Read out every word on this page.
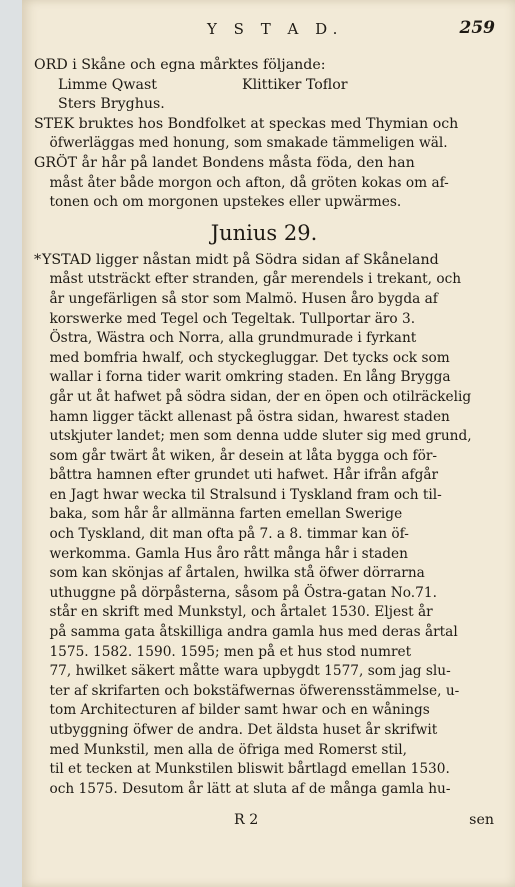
Y S T A D.	259
ORD i Skåne och egna mårktes följande:
Limme Qwast	Klittiker Toflor
Sters Bryghus.
STEK bruktes hos Bondfolket at speckas med Thymian och
öfwerläggas med honung, som smakade tämmeligen wäl.
GRÖT år hår på landet Bondens måsta föda, den han
måst åter både morgon och afton, då gröten kokas om af-
tonen och om morgonen upstekes eller upwärmes.
Junius 29.
*YSTAD ligger nåstan midt på Södra sidan af Skåneland
måst utsträckt efter stranden, går merendels i trekant, och
år ungefärligen så stor som Malmö. Husen åro bygda af
korswerke med Tegel och Tegeltak. Tullportar äro 3.
Östra, Wästra och Norra, alla grundmurade i fyrkant
med bomfria hwalf, och styckegluggar. Det tycks ock som
wallar i forna tider warit omkring staden. En lång Brygga
går ut åt hafwet på södra sidan, der en öpen och otilräckelig
hamn ligger täckt allenast på östra sidan, hwarest staden
utskjuter landet; men som denna udde sluter sig med grund,
som går twärt åt wiken, år desein at låta bygga och för-
båttra hamnen efter grundet uti hafwet. Hår ifrån afgår
en Jagt hwar wecka til Stralsund i Tyskland fram och til-
baka, som hår år allmänna farten emellan Swerige
och Tyskland, dit man ofta på 7. a 8. timmar kan öf-
werkomma. Gamla Hus åro rått många hår i staden
som kan skönjas af årtalen, hwilka stå öfwer dörrarna
uthuggne på dörpåsterna, såsom på Östra-gatan No.71.
står en skrift med Munkstyl, och årtalet 1530. Eljest år
på samma gata åtskilliga andra gamla hus med deras årtal
1575. 1582. 1590. 1595; men på et hus stod numret
77, hwilket säkert måtte wara upbygdt 1577, som jag slu-
ter af skrifarten och bokstäfwernas öfwerensstämmelse, u-
tom Architecturen af bilder samt hwar och en wånings
utbyggning öfwer de andra. Det äldsta huset år skrifwit
med Munkstil, men alla de öfriga med Romerst stil,
til et tecken at Munkstilen bliswit bårtlagd emellan 1530.
och 1575. Desutom år lätt at sluta af de många gamla hu-
R 2	sen
